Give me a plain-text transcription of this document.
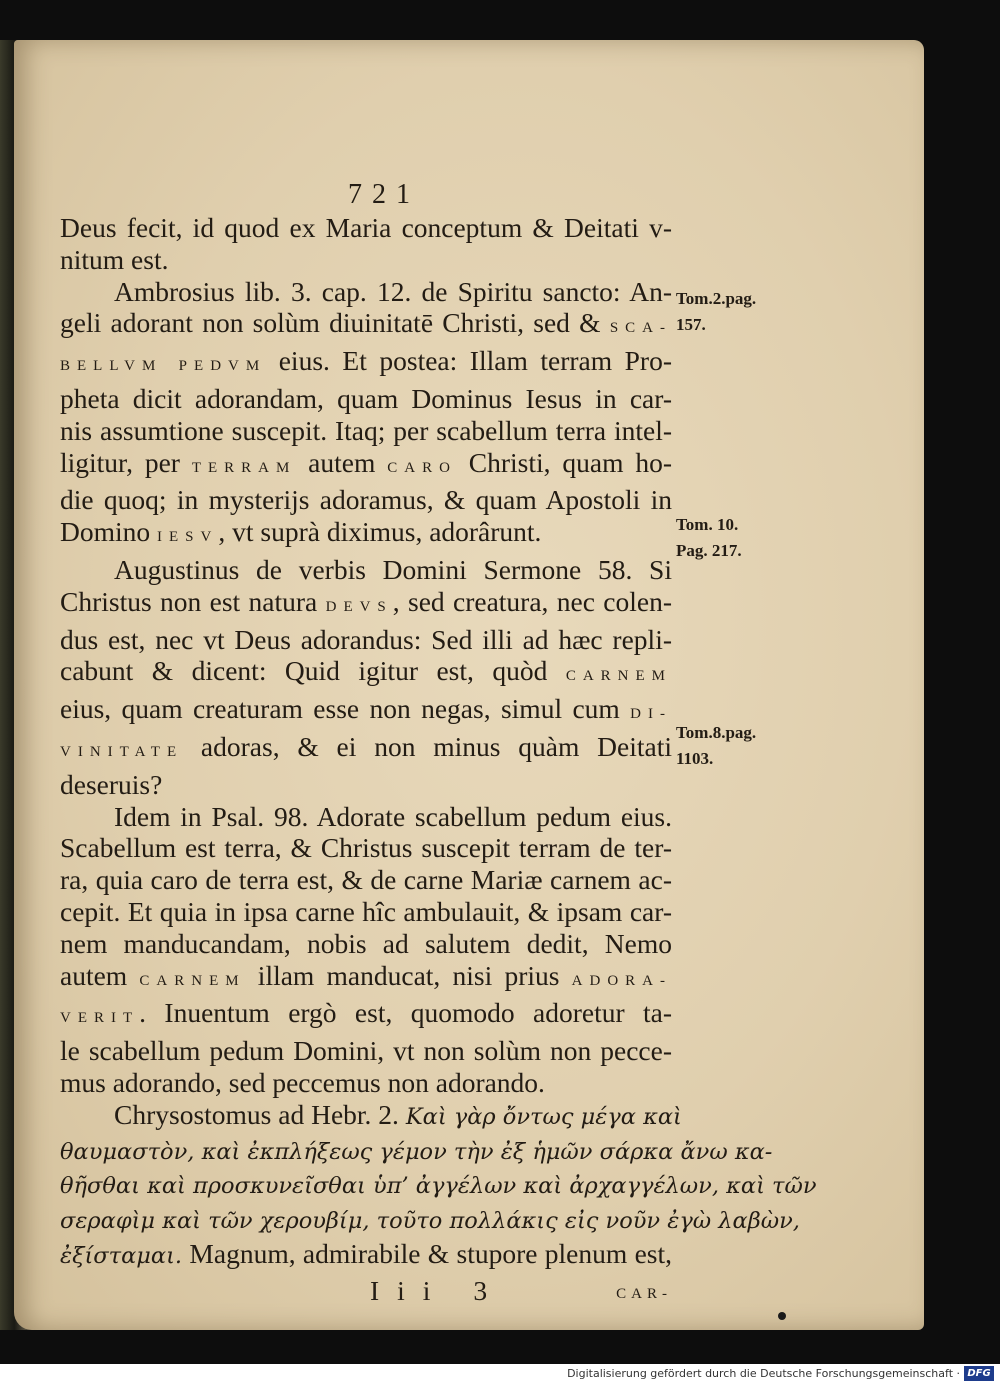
721
Deus fecit, id quod ex Maria conceptum & Deitati v-
nitum est.
Ambrosius lib. 3. cap. 12. de Spiritu sancto: An-
geli adorant non solùm diuinitatē Christi, sed & SCA-
BELLVM PEDVM eius. Et postea: Illam terram Pro-
pheta dicit adorandam, quam Dominus Iesus in car-
nis assumtione suscepit. Itaq; per scabellum terra intel-
ligitur, per TERRAM autem CARO Christi, quam ho-
die quoq; in mysterijs adoramus, & quam Apostoli in
Domino IESV, vt suprà diximus, adorârunt.
Augustinus de verbis Domini Sermone 58. Si
Christus non est natura DEVS, sed creatura, nec colen-
dus est, nec vt Deus adorandus: Sed illi ad hæc repli-
cabunt & dicent: Quid igitur est, quòd CARNEM
eius, quam creaturam esse non negas, simul cum DI-
VINITATE adoras, & ei non minus quàm Deitati
deseruis?
Idem in Psal. 98. Adorate scabellum pedum eius.
Scabellum est terra, & Christus suscepit terram de ter-
ra, quia caro de terra est, & de carne Mariæ carnem ac-
cepit. Et quia in ipsa carne hîc ambulauit, & ipsam car-
nem manducandam, nobis ad salutem dedit, Nemo
autem CARNEM illam manducat, nisi prius ADORA-
VERIT. Inuentum ergò est, quomodo adoretur ta-
le scabellum pedum Domini, vt non solùm non pecce-
mus adorando, sed peccemus non adorando.
Chrysostomus ad Hebr. 2. Καὶ γὰρ ὄντως μέγα καὶ
θαυμαστὸν, καὶ ἐκπλήξεως γέμον τὴν ἐξ ἡμῶν σάρκα ἄνω κα-
θῆσθαι καὶ προσκυνεῖσθαι ὑπ’ ἀγγέλων καὶ ἀρχαγγέλων, καὶ τῶν
σεραφὶμ καὶ τῶν χερουβίμ, τοῦτο πολλάκις εἰς νοῦν ἐγὼ λαβὼν,
ἐξίσταμαι. Magnum, admirabile & stupore plenum est,
Iii 3	CAR-
Tom.2.pag.
157.
Tom. 10.
Pag. 217.
Tom.8.pag.
1103.
Digitalisierung gefördert durch die Deutsche Forschungsgemeinschaft · DFG
